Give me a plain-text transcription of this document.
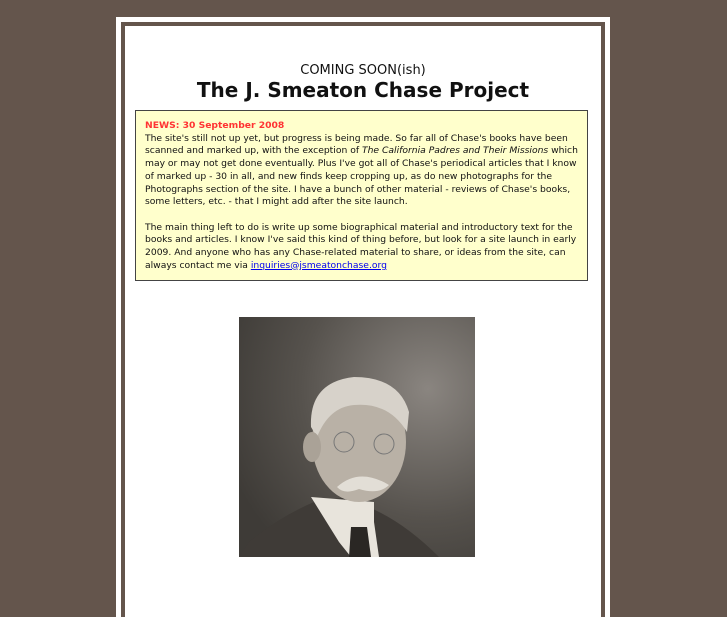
COMING SOON(ish)
The J. Smeaton Chase Project
NEWS: 30 September 2008

The site's still not up yet, but progress is being made. So far all of Chase's books have been scanned and marked up, with the exception of The California Padres and Their Missions which may or may not get done eventually. Plus I've got all of Chase's periodical articles that I know of marked up - 30 in all, and new finds keep cropping up, as do new photographs for the Photographs section of the site. I have a bunch of other material - reviews of Chase's books, some letters, etc. - that I might add after the site launch.

The main thing left to do is write up some biographical material and introductory text for the books and articles. I know I've said this kind of thing before, but look for a site launch in early 2009. And anyone who has any Chase-related material to share, or ideas from the site, can always contact me via inquiries@jsmeatonchase.org
